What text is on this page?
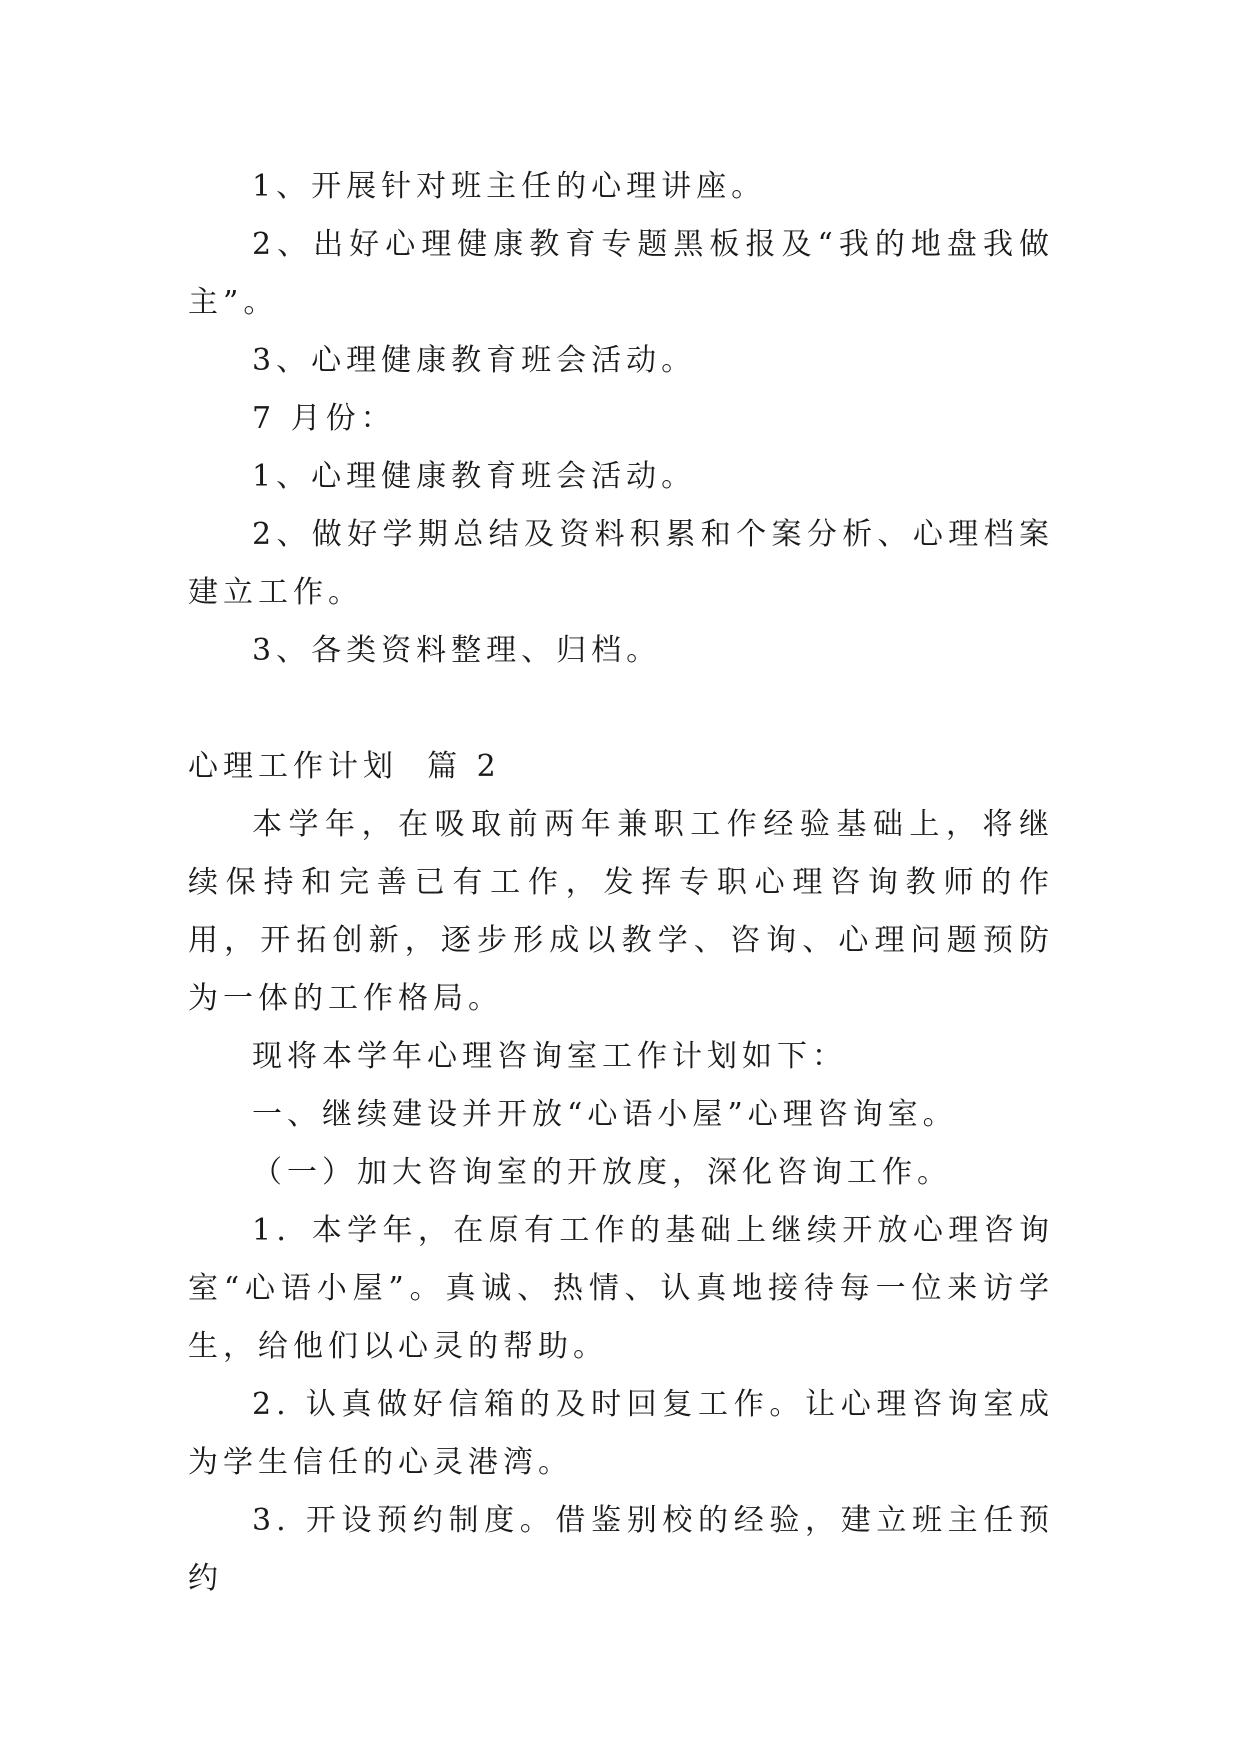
1、开展针对班主任的心理讲座。

2、出好心理健康教育专题黑板报及“我的地盘我做主”。

3、心理健康教育班会活动。

7 月份：

1、心理健康教育班会活动。

2、做好学期总结及资料积累和个案分析、心理档案建立工作。

3、各类资料整理、归档。

心理工作计划  篇 2

本学年，在吸取前两年兼职工作经验基础上，将继续保持和完善已有工作，发挥专职心理咨询教师的作用，开拓创新，逐步形成以教学、咨询、心理问题预防为一体的工作格局。

现将本学年心理咨询室工作计划如下：

一、继续建设并开放“心语小屋”心理咨询室。

（一）加大咨询室的开放度，深化咨询工作。

1．本学年，在原有工作的基础上继续开放心理咨询室“心语小屋”。真诚、热情、认真地接待每一位来访学生，给他们以心灵的帮助。

2. 认真做好信箱的及时回复工作。让心理咨询室成为学生信任的心灵港湾。

3. 开设预约制度。借鉴别校的经验，建立班主任预约
